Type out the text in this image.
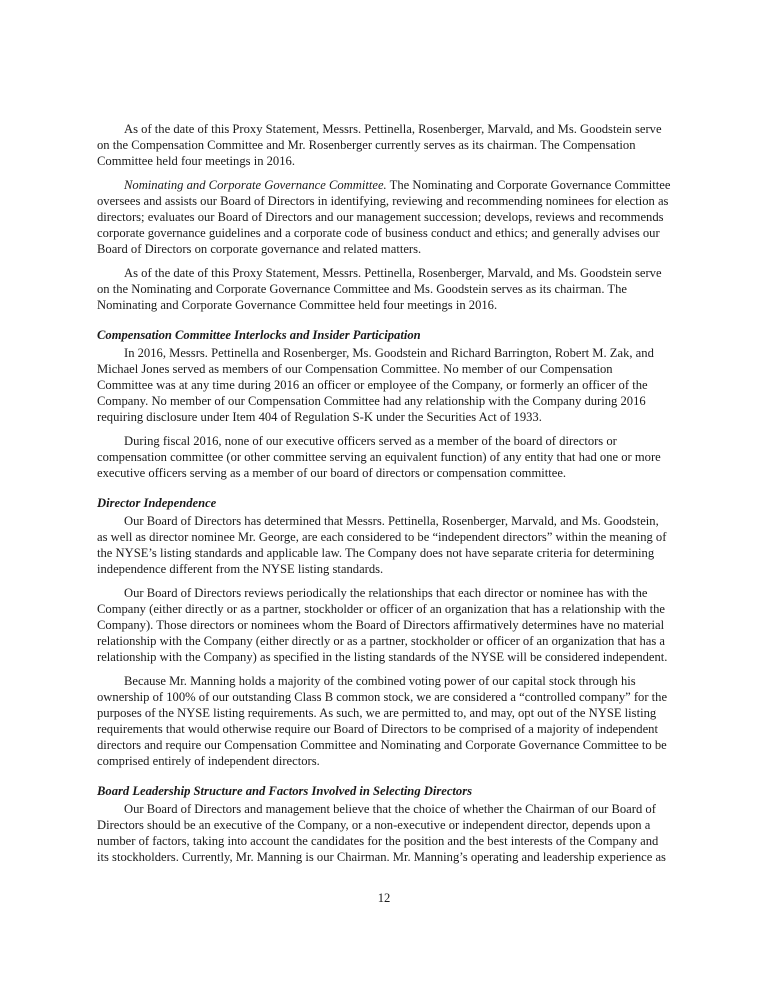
As of the date of this Proxy Statement, Messrs. Pettinella, Rosenberger, Marvald, and Ms. Goodstein serve
on the Compensation Committee and Mr. Rosenberger currently serves as its chairman. The Compensation
Committee held four meetings in 2016.
Nominating and Corporate Governance Committee. The Nominating and Corporate Governance Committee
oversees and assists our Board of Directors in identifying, reviewing and recommending nominees for election as
directors; evaluates our Board of Directors and our management succession; develops, reviews and recommends
corporate governance guidelines and a corporate code of business conduct and ethics; and generally advises our
Board of Directors on corporate governance and related matters.
As of the date of this Proxy Statement, Messrs. Pettinella, Rosenberger, Marvald, and Ms. Goodstein serve
on the Nominating and Corporate Governance Committee and Ms. Goodstein serves as its chairman. The
Nominating and Corporate Governance Committee held four meetings in 2016.
Compensation Committee Interlocks and Insider Participation
In 2016, Messrs. Pettinella and Rosenberger, Ms. Goodstein and Richard Barrington, Robert M. Zak, and
Michael Jones served as members of our Compensation Committee. No member of our Compensation
Committee was at any time during 2016 an officer or employee of the Company, or formerly an officer of the
Company. No member of our Compensation Committee had any relationship with the Company during 2016
requiring disclosure under Item 404 of Regulation S-K under the Securities Act of 1933.
During fiscal 2016, none of our executive officers served as a member of the board of directors or
compensation committee (or other committee serving an equivalent function) of any entity that had one or more
executive officers serving as a member of our board of directors or compensation committee.
Director Independence
Our Board of Directors has determined that Messrs. Pettinella, Rosenberger, Marvald, and Ms. Goodstein,
as well as director nominee Mr. George, are each considered to be “independent directors” within the meaning of
the NYSE’s listing standards and applicable law. The Company does not have separate criteria for determining
independence different from the NYSE listing standards.
Our Board of Directors reviews periodically the relationships that each director or nominee has with the
Company (either directly or as a partner, stockholder or officer of an organization that has a relationship with the
Company). Those directors or nominees whom the Board of Directors affirmatively determines have no material
relationship with the Company (either directly or as a partner, stockholder or officer of an organization that has a
relationship with the Company) as specified in the listing standards of the NYSE will be considered independent.
Because Mr. Manning holds a majority of the combined voting power of our capital stock through his
ownership of 100% of our outstanding Class B common stock, we are considered a “controlled company” for the
purposes of the NYSE listing requirements. As such, we are permitted to, and may, opt out of the NYSE listing
requirements that would otherwise require our Board of Directors to be comprised of a majority of independent
directors and require our Compensation Committee and Nominating and Corporate Governance Committee to be
comprised entirely of independent directors.
Board Leadership Structure and Factors Involved in Selecting Directors
Our Board of Directors and management believe that the choice of whether the Chairman of our Board of
Directors should be an executive of the Company, or a non-executive or independent director, depends upon a
number of factors, taking into account the candidates for the position and the best interests of the Company and
its stockholders. Currently, Mr. Manning is our Chairman. Mr. Manning’s operating and leadership experience as
12
